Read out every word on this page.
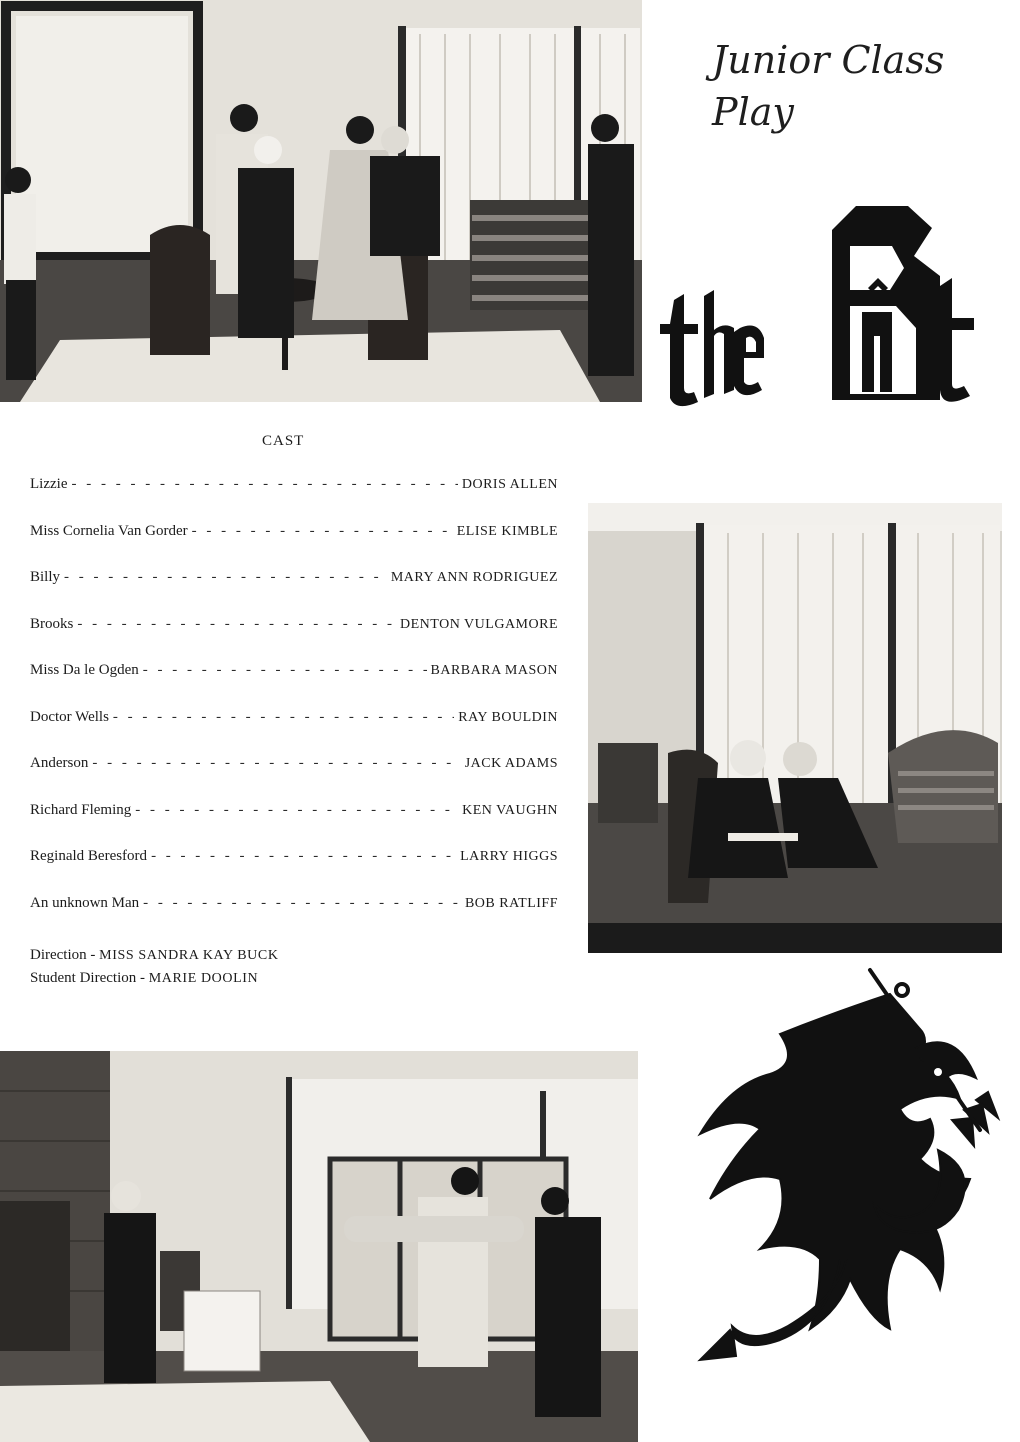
Junior Class
Play
CAST
Lizzie - - -	DORIS ALLEN
Miss Cornelia Van Gorder - - -	ELISE KIMBLE
Billy - - -	MARY ANN RODRIGUEZ
Brooks - - -	DENTON VULGAMORE
Miss Da le Ogden - - -	BARBARA MASON
Doctor Wells - - -	RAY BOULDIN
Anderson - - -	JACK ADAMS
Richard Fleming - - -	KEN VAUGHN
Reginald Beresford - - -	LARRY HIGGS
An unknown Man - - -	BOB RATLIFF
Direction - MISS SANDRA KAY BUCK
Student Direction - MARIE DOOLIN
